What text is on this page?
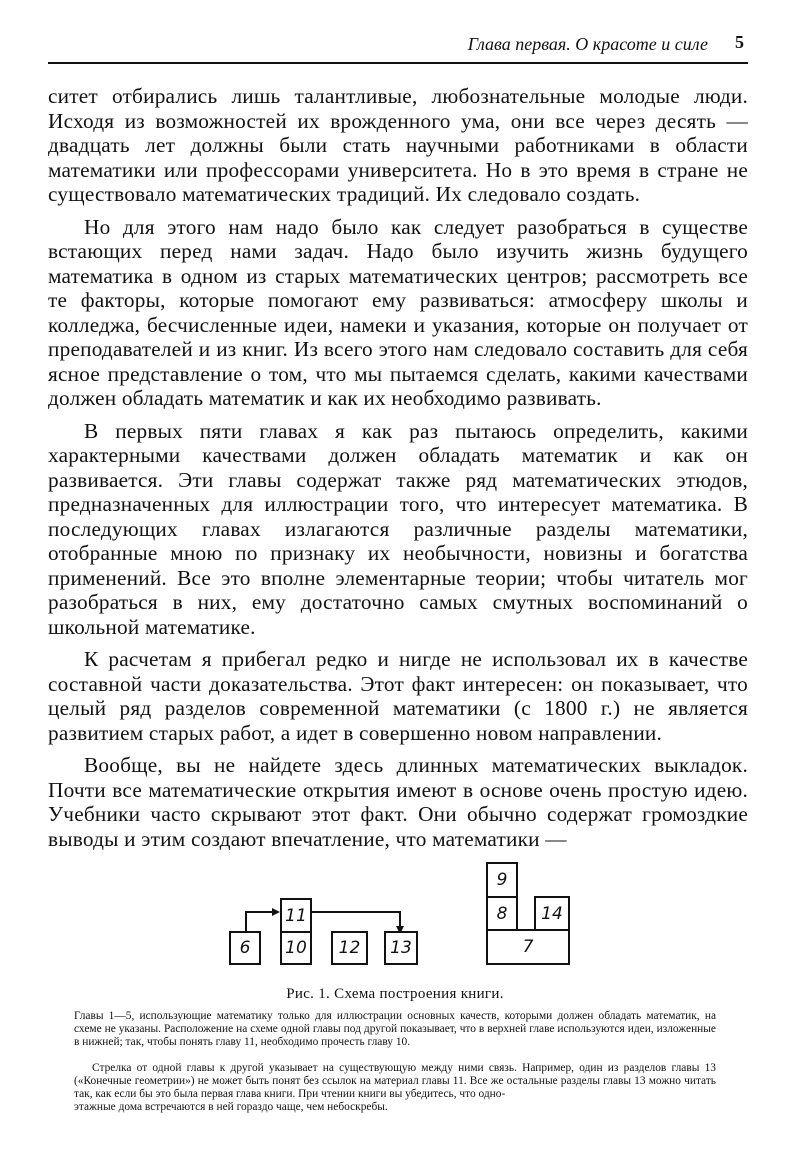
Глава первая. О красоте и силе 5

ситет отбирались лишь талантливые, любознательные молодые люди. Исходя из возможностей их врожденного ума, они все через десять — двадцать лет должны были стать научными работниками в области математики или профессорами университета. Но в это время в стране не существовало математических традиций. Их следовало создать.

Но для этого нам надо было как следует разобраться в существе встающих перед нами задач. Надо было изучить жизнь будущего математика в одном из старых математических центров; рассмотреть все те факторы, которые помогают ему развиваться: атмосферу школы и колледжа, бесчисленные идеи, намеки и указания, которые он получает от преподавателей и из книг. Из всего этого нам следовало составить для себя ясное представление о том, что мы пытаемся сделать, какими качествами должен обладать математик и как их необходимо развивать.

В первых пяти главах я как раз пытаюсь определить, какими характерными качествами должен обладать математик и как он развивается. Эти главы содержат также ряд математических этюдов, предназначенных для иллюстрации того, что интересует математика. В последующих главах излагаются различные разделы математики, отобранные мною по признаку их необычности, новизны и богатства применений. Все это вполне элементарные теории; чтобы читатель мог разобраться в них, ему достаточно самых смутных воспоминаний о школьной математике.

К расчетам я прибегал редко и нигде не использовал их в качестве составной части доказательства. Этот факт интересен: он показывает, что целый ряд разделов современной математики (с 1800 г.) не является развитием старых работ, а идет в совершенно новом направлении.

Вообще, вы не найдете здесь длинных математических выкладок. Почти все математические открытия имеют в основе очень простую идею. Учебники часто скрывают этот факт. Они обычно содержат громоздкие выводы и этим создают впечатление, что математики —

6	10
11
12	13	7
8
9
14
Рис. 1. Схема построения книги.
Главы 1—5, использующие математику только для иллюстрации основных качеств, которыми должен обладать математик, на схеме не указаны. Расположение на схеме одной главы под другой показывает, что в верхней главе используются идеи, изложенные в нижней; так, чтобы понять главу 11, необходимо прочесть главу 10.
Стрелка от одной главы к другой указывает на существующую между ними связь. Например, один из разделов главы 13 («Конечные геометрии») не может быть понят без ссылок на материал главы 11. Все же остальные разделы главы 13 можно читать так, как если бы это была первая глава книги. При чтении книги вы убедитесь, что одно-
этажные дома встречаются в ней гораздо чаще, чем небоскребы.
